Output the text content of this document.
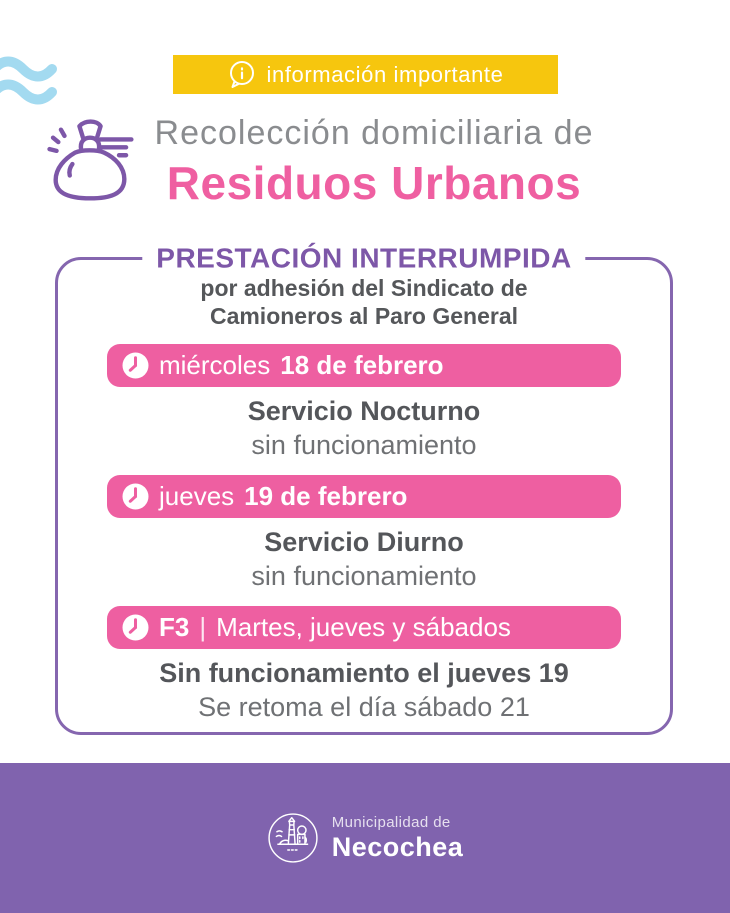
información importante
Recolección domiciliaria de
Residuos Urbanos
PRESTACIÓN INTERRUMPIDA
por adhesión del Sindicato de
Camioneros al Paro General
miércoles 18 de febrero
Servicio Nocturno
sin funcionamiento
jueves 19 de febrero
Servicio Diurno
sin funcionamiento
F3 | Martes, jueves y sábados
Sin funcionamiento el jueves 19
Se retoma el día sábado 21
Municipalidad de
Necochea
